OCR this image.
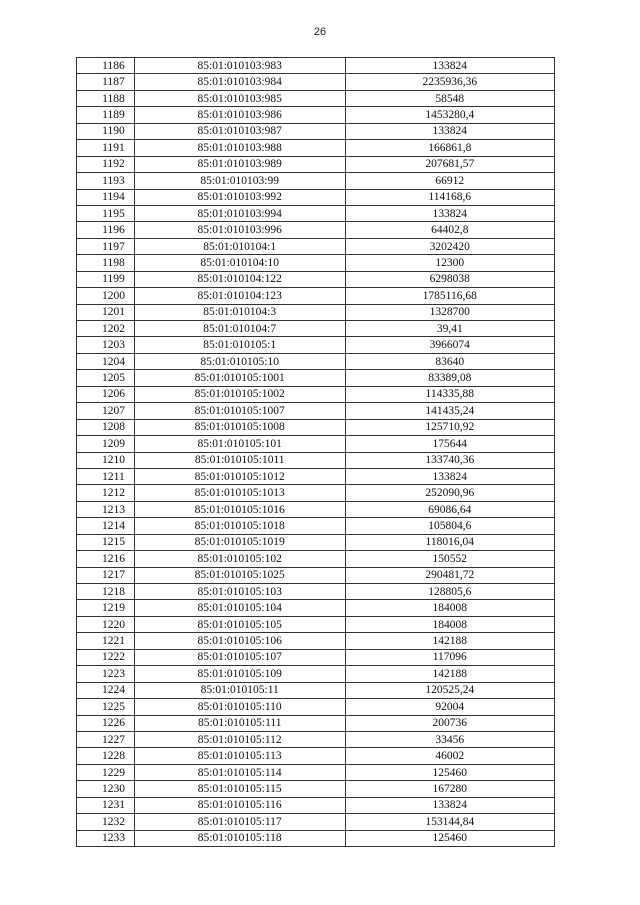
26
1186	85:01:010103:983	133824
1187	85:01:010103:984	2235936,36
1188	85:01:010103:985	58548
1189	85:01:010103:986	1453280,4
1190	85:01:010103:987	133824
1191	85:01:010103:988	166861,8
1192	85:01:010103:989	207681,57
1193	85:01:010103:99	66912
1194	85:01:010103:992	114168,6
1195	85:01:010103:994	133824
1196	85:01:010103:996	64402,8
1197	85:01:010104:1	3202420
1198	85:01:010104:10	12300
1199	85:01:010104:122	6298038
1200	85:01:010104:123	1785116,68
1201	85:01:010104:3	1328700
1202	85:01:010104:7	39,41
1203	85:01:010105:1	3966074
1204	85:01:010105:10	83640
1205	85:01:010105:1001	83389,08
1206	85:01:010105:1002	114335,88
1207	85:01:010105:1007	141435,24
1208	85:01:010105:1008	125710,92
1209	85:01:010105:101	175644
1210	85:01:010105:1011	133740,36
1211	85:01:010105:1012	133824
1212	85:01:010105:1013	252090,96
1213	85:01:010105:1016	69086,64
1214	85:01:010105:1018	105804,6
1215	85:01:010105:1019	118016,04
1216	85:01:010105:102	150552
1217	85:01:010105:1025	290481,72
1218	85:01:010105:103	128805,6
1219	85:01:010105:104	184008
1220	85:01:010105:105	184008
1221	85:01:010105:106	142188
1222	85:01:010105:107	117096
1223	85:01:010105:109	142188
1224	85:01:010105:11	120525,24
1225	85:01:010105:110	92004
1226	85:01:010105:111	200736
1227	85:01:010105:112	33456
1228	85:01:010105:113	46002
1229	85:01:010105:114	125460
1230	85:01:010105:115	167280
1231	85:01:010105:116	133824
1232	85:01:010105:117	153144,84
1233	85:01:010105:118	125460
